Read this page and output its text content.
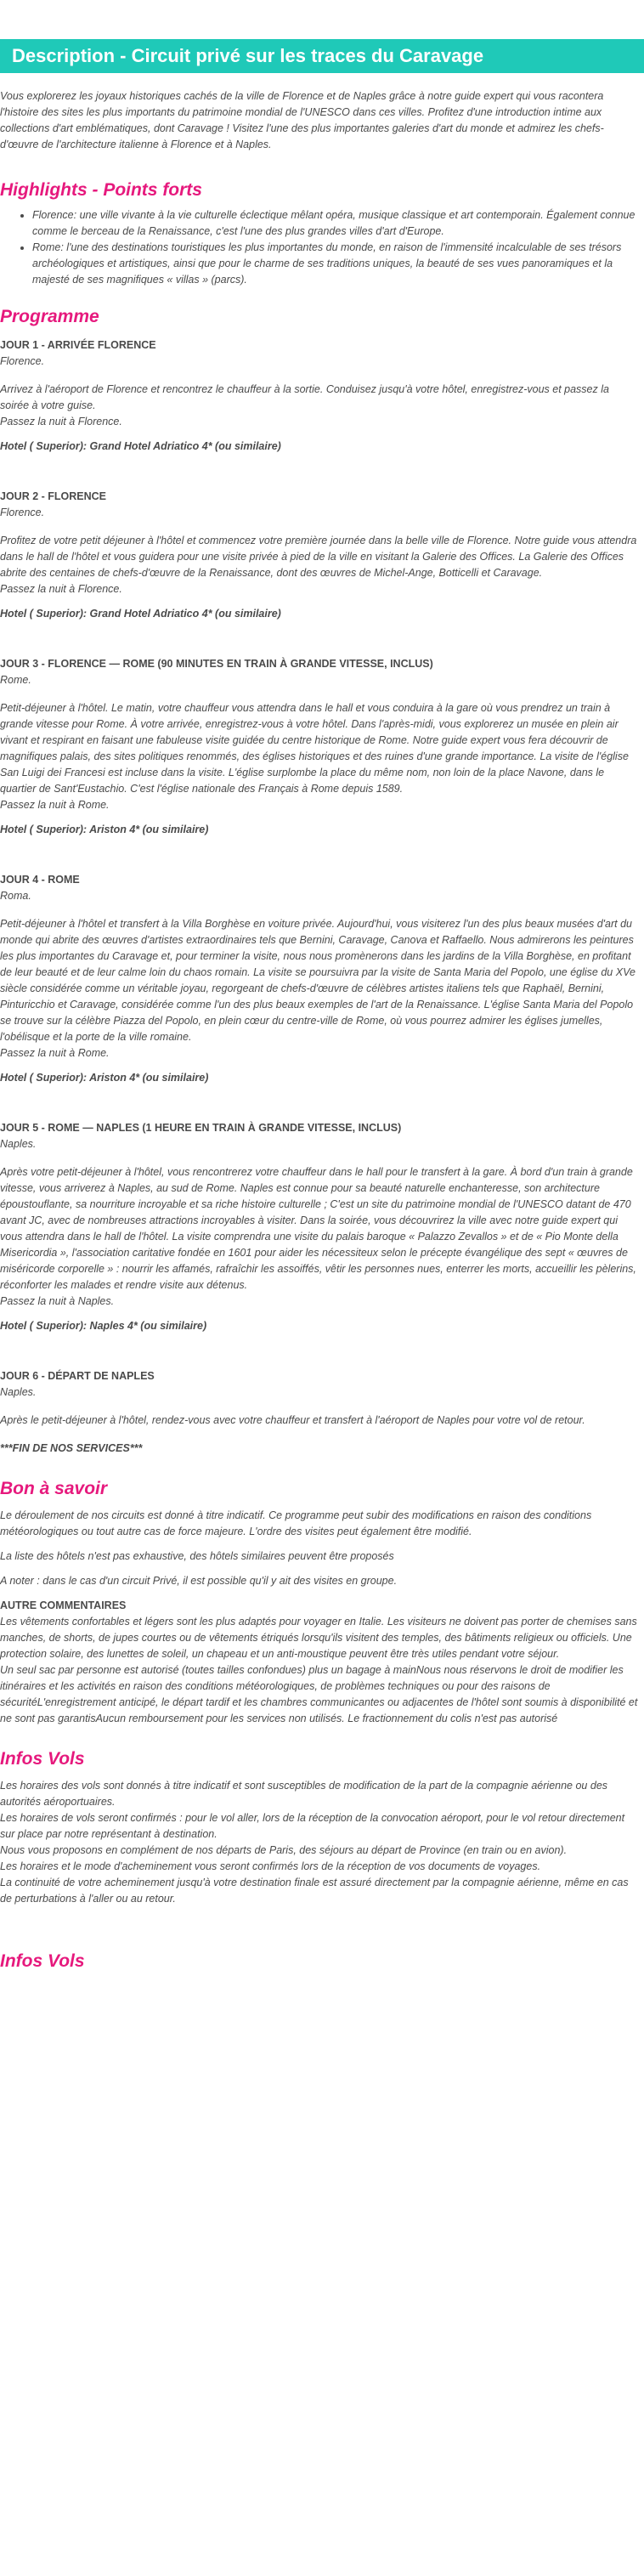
Description - Circuit privé sur les traces du Caravage

Vous explorerez les joyaux historiques cachés de la ville de Florence et de Naples grâce à notre guide expert qui vous racontera l'histoire des sites les plus importants du patrimoine mondial de l'UNESCO dans ces villes. Profitez d'une introduction intime aux collections d'art emblématiques, dont Caravage ! Visitez l'une des plus importantes galeries d'art du monde et admirez les chefs-d'œuvre de l'architecture italienne à Florence et à Naples.

Highlights - Points forts
• Florence: une ville vivante à la vie culturelle éclectique mêlant opéra, musique classique et art contemporain. Également connue comme le berceau de la Renaissance, c'est l'une des plus grandes villes d'art d'Europe.
• Rome: l'une des destinations touristiques les plus importantes du monde, en raison de l'immensité incalculable de ses trésors archéologiques et artistiques, ainsi que pour le charme de ses traditions uniques, la beauté de ses vues panoramiques et la majesté de ses magnifiques « villas » (parcs).
Programme
JOUR 1 - ARRIVÉE FLORENCE
Florence.

Arrivez à l'aéroport de Florence et rencontrez le chauffeur à la sortie. Conduisez jusqu'à votre hôtel, enregistrez-vous et passez la soirée à votre guise.

Passez la nuit à Florence.
Hotel ( Superior): Grand Hotel Adriatico 4* (ou similaire)
JOUR 2 - FLORENCE
Florence.

Profitez de votre petit déjeuner à l'hôtel et commencez votre première journée dans la belle ville de Florence. Notre guide vous attendra dans le hall de l'hôtel et vous guidera pour une visite privée à pied de la ville en visitant la Galerie des Offices. La Galerie des Offices abrite des centaines de chefs-d'œuvre de la Renaissance, dont des œuvres de Michel-Ange, Botticelli et Caravage.

Passez la nuit à Florence.
Hotel ( Superior): Grand Hotel Adriatico 4* (ou similaire)
JOUR 3 - FLORENCE — ROME (90 MINUTES EN TRAIN À GRANDE VITESSE, INCLUS)
Rome.

Petit-déjeuner à l'hôtel. Le matin, votre chauffeur vous attendra dans le hall et vous conduira à la gare où vous prendrez un train à grande vitesse pour Rome. À votre arrivée, enregistrez-vous à votre hôtel. Dans l'après-midi, vous explorerez un musée en plein air vivant et respirant en faisant une fabuleuse visite guidée du centre historique de Rome. Notre guide expert vous fera découvrir de magnifiques palais, des sites politiques renommés, des églises historiques et des ruines d'une grande importance. La visite de l'église San Luigi dei Francesi est incluse dans la visite. L'église surplombe la place du même nom, non loin de la place Navone, dans le quartier de Sant'Eustachio. C'est l'église nationale des Français à Rome depuis 1589.

Passez la nuit à Rome.
Hotel ( Superior): Ariston 4* (ou similaire)
JOUR 4 - ROME
Roma.

Petit-déjeuner à l'hôtel et transfert à la Villa Borghèse en voiture privée. Aujourd'hui, vous visiterez l'un des plus beaux musées d'art du monde qui abrite des œuvres d'artistes extraordinaires tels que Bernini, Caravage, Canova et Raffaello. Nous admirerons les peintures les plus importantes du Caravage et, pour terminer la visite, nous nous promènerons dans les jardins de la Villa Borghèse, en profitant de leur beauté et de leur calme loin du chaos romain. La visite se poursuivra par la visite de Santa Maria del Popolo, une église du XVe siècle considérée comme un véritable joyau, regorgeant de chefs-d'œuvre de célèbres artistes italiens tels que Raphaël, Bernini, Pinturicchio et Caravage, considérée comme l'un des plus beaux exemples de l'art de la Renaissance. L'église Santa Maria del Popolo se trouve sur la célèbre Piazza del Popolo, en plein cœur du centre-ville de Rome, où vous pourrez admirer les églises jumelles, l'obélisque et la porte de la ville romaine.

Passez la nuit à Rome.
Hotel ( Superior): Ariston 4* (ou similaire)
JOUR 5 - ROME — NAPLES (1 HEURE EN TRAIN À GRANDE VITESSE, INCLUS)
Naples.

Après votre petit-déjeuner à l'hôtel, vous rencontrerez votre chauffeur dans le hall pour le transfert à la gare. À bord d'un train à grande vitesse, vous arriverez à Naples, au sud de Rome. Naples est connue pour sa beauté naturelle enchanteresse, son architecture époustouflante, sa nourriture incroyable et sa riche histoire culturelle ; C'est un site du patrimoine mondial de l'UNESCO datant de 470 avant JC, avec de nombreuses attractions incroyables à visiter. Dans la soirée, vous découvrirez la ville avec notre guide expert qui vous attendra dans le hall de l'hôtel. La visite comprendra une visite du palais baroque « Palazzo Zevallos » et de « Pio Monte della Misericordia », l'association caritative fondée en 1601 pour aider les nécessiteux selon le précepte évangélique des sept « œuvres de miséricorde corporelle » : nourrir les affamés, rafraîchir les assoiffés, vêtir les personnes nues, enterrer les morts, accueillir les pèlerins, réconforter les malades et rendre visite aux détenus.

Passez la nuit à Naples.
Hotel ( Superior): Naples 4* (ou similaire)
JOUR 6 - DÉPART DE NAPLES
Naples.

Après le petit-déjeuner à l'hôtel, rendez-vous avec votre chauffeur et transfert à l'aéroport de Naples pour votre vol de retour.

***FIN DE NOS SERVICES***
Bon à savoir

Le déroulement de nos circuits est donné à titre indicatif. Ce programme peut subir des modifications en raison des conditions météorologiques ou tout autre cas de force majeure. L'ordre des visites peut également être modifié.

La liste des hôtels n'est pas exhaustive, des hôtels similaires peuvent être proposés

A noter : dans le cas d'un circuit Privé, il est possible qu'il y ait des visites en groupe.

AUTRE COMMENTAIRES

Les vêtements confortables et légers sont les plus adaptés pour voyager en Italie. Les visiteurs ne doivent pas porter de chemises sans manches, de shorts, de jupes courtes ou de vêtements étriqués lorsqu'ils visitent des temples, des bâtiments religieux ou officiels. Une protection solaire, des lunettes de soleil, un chapeau et un anti-moustique peuvent être très utiles pendant votre séjour.

Un seul sac par personne est autorisé (toutes tailles confondues) plus un bagage à mainNous nous réservons le droit de modifier les itinéraires et les activités en raison des conditions météorologiques, de problèmes techniques ou pour des raisons de sécuritéL'enregistrement anticipé, le départ tardif et les chambres communicantes ou adjacentes de l'hôtel sont soumis à disponibilité et ne sont pas garantisAucun remboursement pour les services non utilisés. Le fractionnement du colis n'est pas autorisé

Infos Vols

Les horaires des vols sont donnés à titre indicatif et sont susceptibles de modification de la part de la compagnie aérienne ou des autorités aéroportuaires.

Les horaires de vols seront confirmés : pour le vol aller, lors de la réception de la convocation aéroport, pour le vol retour directement sur place par notre représentant à destination.

Nous vous proposons en complément de nos départs de Paris, des séjours au départ de Province (en train ou en avion).

Les horaires et le mode d'acheminement vous seront confirmés lors de la réception de vos documents de voyages.

La continuité de votre acheminement jusqu'à votre destination finale est assuré directement par la compagnie aérienne, même en cas de perturbations à l'aller ou au retour.

Infos Vols
